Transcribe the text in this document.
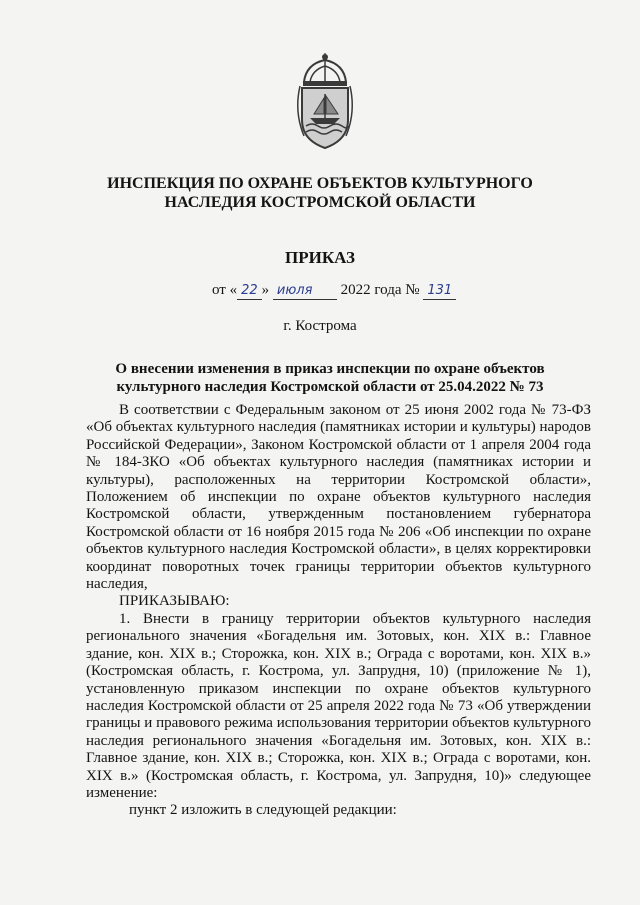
ИНСПЕКЦИЯ ПО ОХРАНЕ ОБЪЕКТОВ КУЛЬТУРНОГО
НАСЛЕДИЯ КОСТРОМСКОЙ ОБЛАСТИ
ПРИКАЗ
от « 22 » июля 2022 года № 131
г. Кострома
О внесении изменения в приказ инспекции по охране объектов
культурного наследия Костромской области от 25.04.2022 № 73

В соответствии с Федеральным законом от 25 июня 2002 года № 73-ФЗ «Об объектах культурного наследия (памятниках истории и культуры) народов Российской Федерации», Законом Костромской области от 1 апреля 2004 года № 184-ЗКО «Об объектах культурного наследия (памятниках истории и культуры), расположенных на территории Костромской области», Положением об инспекции по охране объектов культурного наследия Костромской области, утвержденным постановлением губернатора Костромской области от 16 ноября 2015 года № 206 «Об инспекции по охране объектов культурного наследия Костромской области», в целях корректировки координат поворотных точек границы территории объектов культурного наследия,

ПРИКАЗЫВАЮ:

1. Внести в границу территории объектов культурного наследия регионального значения «Богадельня им. Зотовых, кон. XIX в.: Главное здание, кон. XIX в.; Сторожка, кон. XIX в.; Ограда с воротами, кон. XIX в.» (Костромская область, г. Кострома, ул. Запрудня, 10) (приложение № 1), установленную приказом инспекции по охране объектов культурного наследия Костромской области от 25 апреля 2022 года № 73 «Об утверждении границы и правового режима использования территории объектов культурного наследия регионального значения «Богадельня им. Зотовых, кон. XIX в.: Главное здание, кон. XIX в.; Сторожка, кон. XIX в.; Ограда с воротами, кон. XIX в.» (Костромская область, г. Кострома, ул. Запрудня, 10)» следующее изменение:

пункт 2 изложить в следующей редакции:
